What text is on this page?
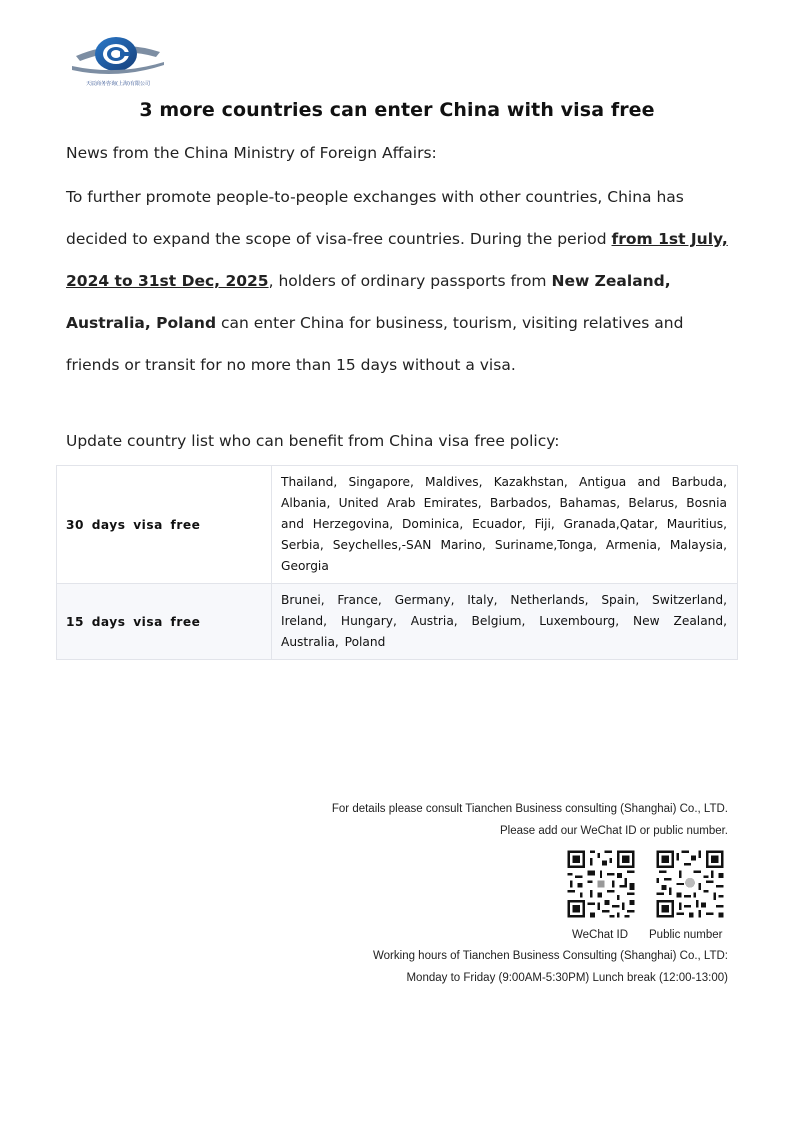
天辰商务咨询(上海)有限公司
3 more countries can enter China with visa free

News from the China Ministry of Foreign Affairs:

To further promote people-to-people exchanges with other countries, China has decided to expand the scope of visa-free countries. During the period from 1st July, 2024 to 31st Dec, 2025, holders of ordinary passports from New Zealand, Australia, Poland can enter China for business, tourism, visiting relatives and friends or transit for no more than 15 days without a visa.

Update country list who can benefit from China visa free policy:

30 days visa free	Thailand, Singapore, Maldives, Kazakhstan, Antigua and Barbuda, Albania, United Arab Emirates, Barbados, Bahamas, Belarus, Bosnia and Herzegovina, Dominica, Ecuador, Fiji, Granada,Qatar, Mauritius, Serbia, Seychelles,-SAN Marino, Suriname,Tonga, Armenia, Malaysia, Georgia
15 days visa free	Brunei, France, Germany, Italy, Netherlands, Spain, Switzerland, Ireland, Hungary, Austria, Belgium, Luxembourg, New Zealand, Australia, Poland
For details please consult Tianchen Business consulting (Shanghai) Co., LTD.
Please add our WeChat ID or public number.
WeChat ID Public number
Working hours of Tianchen Business Consulting (Shanghai) Co., LTD:
Monday to Friday (9:00AM-5:30PM) Lunch break (12:00-13:00)
